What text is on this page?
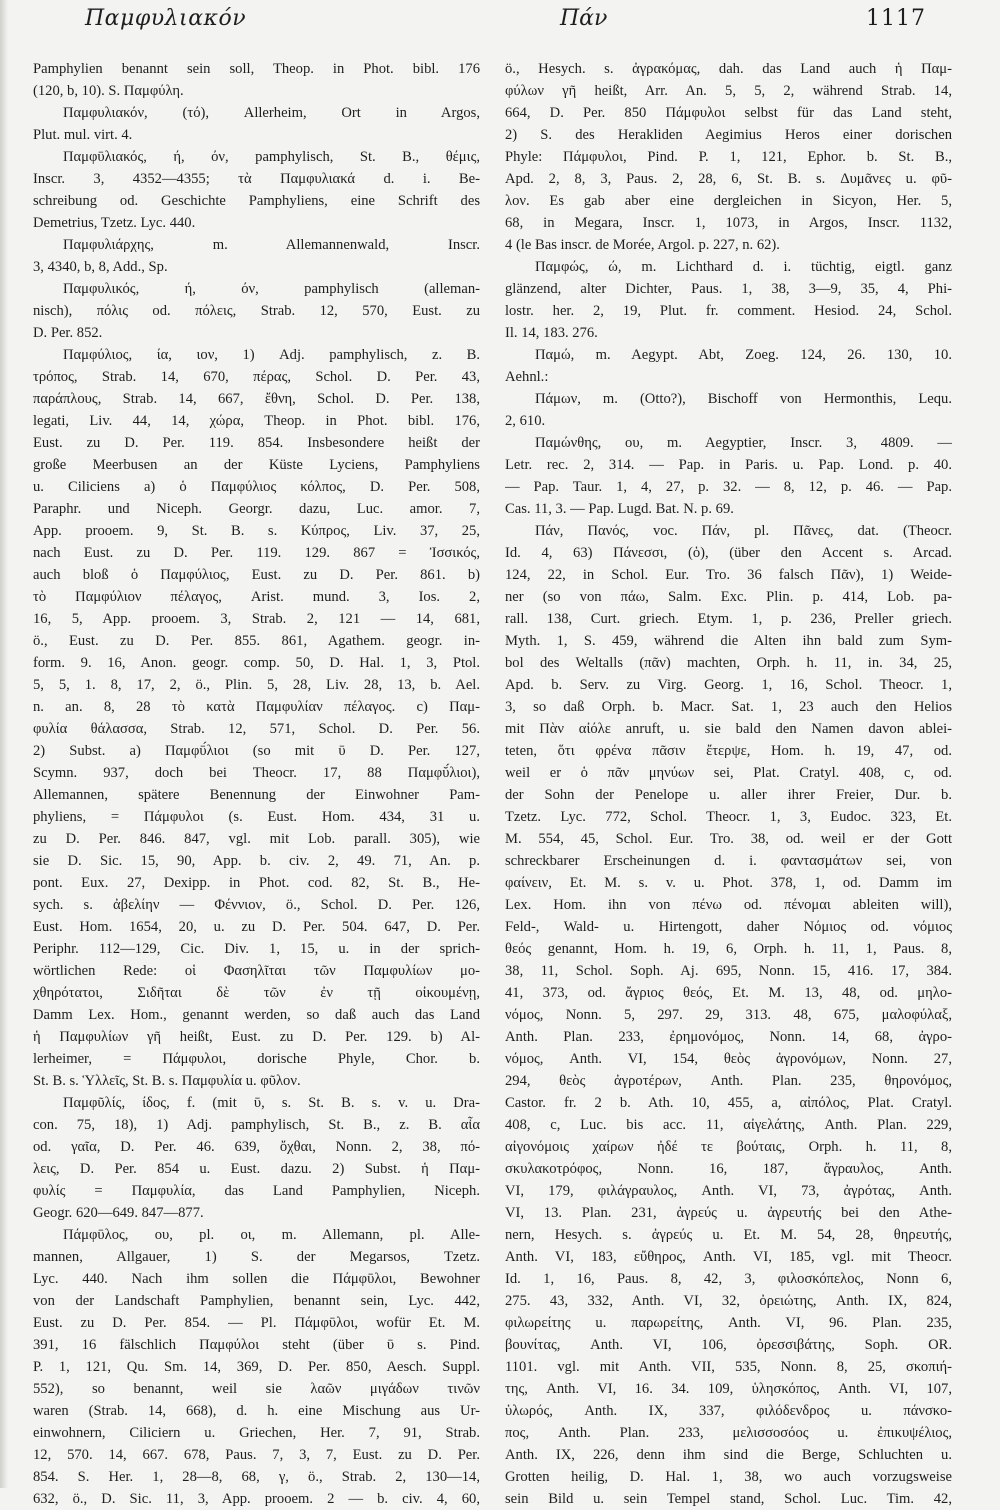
Παμφυλιακόν	Πάν	1117
Pamphylien benannt sein soll, Theop. in Phot. bibl. 176
(120, b, 10). S. Παμφύλη.
Παμφυλιακόν, (τό), Allerheim, Ort in Argos,
Plut. mul. virt. 4.
Παμφῡλιακός, ή, όν, pamphylisch, St. B., θέμις,
Inscr. 3, 4352—4355; τὰ Παμφυλιακά d. i. Be-
schreibung od. Geschichte Pamphyliens, eine Schrift des
Demetrius, Tzetz. Lyc. 440.
Παμφυλιάρχης, m. Allemannenwald, Inscr.
3, 4340, b, 8, Add., Sp.
Παμφυλικός, ή, όν, pamphylisch (alleman-
nisch), πόλις od. πόλεις, Strab. 12, 570, Eust. zu
D. Per. 852.
Παμφύλιος, ία, ιον, 1) Adj. pamphylisch, z. B.
τρόπος, Strab. 14, 670, πέρας, Schol. D. Per. 43,
παράπλους, Strab. 14, 667, ἔθνη, Schol. D. Per. 138,
legati, Liv. 44, 14, χώρα, Theop. in Phot. bibl. 176,
Eust. zu D. Per. 119. 854. Insbesondere heißt der
große Meerbusen an der Küste Lyciens, Pamphyliens
u. Ciliciens a) ὁ Παμφύλιος κόλπος, D. Per. 508,
Paraphr. und Niceph. Georgr. dazu, Luc. amor. 7,
App. prooem. 9, St. B. s. Κύπρος, Liv. 37, 25,
nach Eust. zu D. Per. 119. 129. 867 = Ἰσσικός,
auch bloß ὁ Παμφύλιος, Eust. zu D. Per. 861. b)
τὸ Παμφύλιον πέλαγος, Arist. mund. 3, Ios. 2,
16, 5, App. prooem. 3, Strab. 2, 121 — 14, 681,
ö., Eust. zu D. Per. 855. 861, Agathem. geogr. in-
form. 9. 16, Anon. geogr. comp. 50, D. Hal. 1, 3, Ptol.
5, 5, 1. 8, 17, 2, ö., Plin. 5, 28, Liv. 28, 13, b. Ael.
n. an. 8, 28 τὸ κατὰ Παμφυλίαν πέλαγος. c) Παμ-
φυλία θάλασσα, Strab. 12, 571, Schol. D. Per. 56.
2) Subst. a) Παμφῡ́λιοι (so mit ῡ D. Per. 127,
Scymn. 937, doch bei Theocr. 17, 88 Παμφῠ́λιοι),
Allemannen, spätere Benennung der Einwohner Pam-
phyliens, = Πάμφυλοι (s. Eust. Hom. 434, 31 u.
zu D. Per. 846. 847, vgl. mit Lob. parall. 305), wie
sie D. Sic. 15, 90, App. b. civ. 2, 49. 71, An. p.
pont. Eux. 27, Dexipp. in Phot. cod. 82, St. B., He-
sych. s. ἀβελίην — Φέννιον, ö., Schol. D. Per. 126,
Eust. Hom. 1654, 20, u. zu D. Per. 504. 647, D. Per.
Periphr. 112—129, Cic. Div. 1, 15, u. in der sprich-
wörtlichen Rede: οἱ Φασηλῖται τῶν Παμφυλίων μο-
χθηρότατοι, Σιδῆται δὲ τῶν ἐν τῇ οἰκουμένῃ,
Damm Lex. Hom., genannt werden, so daß auch das Land
ἡ Παμφυλίων γῆ heißt, Eust. zu D. Per. 129. b) Al-
lerheimer, = Πάμφυλοι, dorische Phyle, Chor. b.
St. B. s. Ὑλλεῖς, St. B. s. Παμφυλία u. φῦλον.
Παμφῦλίς, ίδος, f. (mit ῡ, s. St. B. s. v. u. Dra-
con. 75, 18), 1) Adj. pamphylisch, St. B., z. B. αἶα
od. γαῖα, D. Per. 46. 639, ὄχθαι, Nonn. 2, 38, πό-
λεις, D. Per. 854 u. Eust. dazu. 2) Subst. ἡ Παμ-
φυλίς = Παμφυλία, das Land Pamphylien, Niceph.
Geogr. 620—649. 847—877.
Πάμφῡλος, ου, pl. οι, m. Allemann, pl. Alle-
mannen, Allgauer, 1) S. der Megarsos, Tzetz.
Lyc. 440. Nach ihm sollen die Πάμφῡλοι, Bewohner
von der Landschaft Pamphylien, benannt sein, Lyc. 442,
Eust. zu D. Per. 854. — Pl. Πάμφῡλοι, wofür Et. M.
391, 16 fälschlich Παμφύλοι steht (über ῡ s. Pind.
P. 1, 121, Qu. Sm. 14, 369, D. Per. 850, Aesch. Suppl.
552), so benannt, weil sie λαῶν μιγάδων τινῶν
waren (Strab. 14, 668), d. h. eine Mischung aus Ur-
einwohnern, Ciliciern u. Griechen, Her. 7, 91, Strab.
12, 570. 14, 667. 678, Paus. 7, 3, 7, Eust. zu D. Per.
854. S. Her. 1, 28—8, 68, γ, ö., Strab. 2, 130—14,
632, ö., D. Sic. 11, 3, App. prooem. 2 — b. civ. 4, 60,
ö., Hesych. s. ἀγρακόμας, dah. das Land auch ἡ Παμ-
φύλων γῆ heißt, Arr. An. 5, 5, 2, während Strab. 14,
664, D. Per. 850 Πάμφυλοι selbst für das Land steht,
2) S. des Herakliden Aegimius Heros einer dorischen
Phyle: Πάμφυλοι, Pind. P. 1, 121, Ephor. b. St. B.,
Apd. 2, 8, 3, Paus. 2, 28, 6, St. B. s. Δυμᾶνες u. φῦ-
λον. Es gab aber eine dergleichen in Sicyon, Her. 5,
68, in Megara, Inscr. 1, 1073, in Argos, Inscr. 1132,
4 (le Bas inscr. de Morée, Argol. p. 227, n. 62).
Παμφώς, ώ, m. Lichthard d. i. tüchtig, eigtl. ganz
glänzend, alter Dichter, Paus. 1, 38, 3—9, 35, 4, Phi-
lostr. her. 2, 19, Plut. fr. comment. Hesiod. 24, Schol.
Il. 14, 183. 276.
Παμώ, m. Aegypt. Abt, Zoeg. 124, 26. 130, 10.
Aehnl.:
Πάμων, m. (Otto?), Bischoff von Hermonthis, Lequ.
2, 610.
Παμώνθης, ου, m. Aegyptier, Inscr. 3, 4809. —
Letr. rec. 2, 314. — Pap. in Paris. u. Pap. Lond. p. 40.
— Pap. Taur. 1, 4, 27, p. 32. — 8, 12, p. 46. — Pap.
Cas. 11, 3. — Pap. Lugd. Bat. N. p. 69.
Πάν, Πανός, voc. Πάν, pl. Πᾶνες, dat. (Theocr.
Id. 4, 63) Πάνεσσι, (ὁ), (über den Accent s. Arcad.
124, 22, in Schol. Eur. Tro. 36 falsch Πᾶν), 1) Weide-
ner (so von πάω, Salm. Exc. Plin. p. 414, Lob. pa-
rall. 138, Curt. griech. Etym. 1, p. 236, Preller griech.
Myth. 1, S. 459, während die Alten ihn bald zum Sym-
bol des Weltalls (πᾶν) machten, Orph. h. 11, in. 34, 25,
Apd. b. Serv. zu Virg. Georg. 1, 16, Schol. Theocr. 1,
3, so daß Orph. b. Macr. Sat. 1, 23 auch den Helios
mit Πὰν αἰόλε anruft, u. sie bald den Namen davon ablei-
teten, ὅτι φρένα πᾶσιν ἔτερψε, Hom. h. 19, 47, od.
weil er ὁ πᾶν μηνύων sei, Plat. Cratyl. 408, c, od.
der Sohn der Penelope u. aller ihrer Freier, Dur. b.
Tzetz. Lyc. 772, Schol. Theocr. 1, 3, Eudoc. 323, Et.
M. 554, 45, Schol. Eur. Tro. 38, od. weil er der Gott
schreckbarer Erscheinungen d. i. φαντασμάτων sei, von
φαίνειν, Et. M. s. v. u. Phot. 378, 1, od. Damm im
Lex. Hom. ihn von πένω od. πένομαι ableiten will),
Feld-, Wald- u. Hirtengott, daher Νόμιος od. νόμιος
θεός genannt, Hom. h. 19, 6, Orph. h. 11, 1, Paus. 8,
38, 11, Schol. Soph. Aj. 695, Nonn. 15, 416. 17, 384.
41, 373, od. ἄγριος θεός, Et. M. 13, 48, od. μηλο-
νόμος, Nonn. 5, 297. 29, 313. 48, 675, μαλοφύλαξ,
Anth. Plan. 233, ἐρημονόμος, Nonn. 14, 68, ἀγρο-
νόμος, Anth. VI, 154, θεὸς ἀγρονόμων, Nonn. 27,
294, θεὸς ἀγροτέρων, Anth. Plan. 235, θηρονόμος,
Castor. fr. 2 b. Ath. 10, 455, a, αἰπόλος, Plat. Cratyl.
408, c, Luc. bis acc. 11, αἰγελάτης, Anth. Plan. 229,
αἰγονόμοις χαίρων ἠδέ τε βούταις, Orph. h. 11, 8,
σκυλακοτρόφος, Nonn. 16, 187, ἄγραυλος, Anth.
VI, 179, φιλάγραυλος, Anth. VI, 73, ἀγρότας, Anth.
VI, 13. Plan. 231, ἀγρεύς u. ἀγρευτής bei den Athe-
nern, Hesych. s. ἀγρεύς u. Et. M. 54, 28, θηρευτής,
Anth. VI, 183, εὔθηρος, Anth. VI, 185, vgl. mit Theocr.
Id. 1, 16, Paus. 8, 42, 3, φιλοσκόπελος, Nonn 6,
275. 43, 332, Anth. VI, 32, ὀρειώτης, Anth. IX, 824,
φιλωρείτης u. παρωρείτης, Anth. VI, 96. Plan. 235,
βουνίτας, Anth. VI, 106, ὀρεσσιβάτης, Soph. OR.
1101. vgl. mit Anth. VII, 535, Nonn. 8, 25, σκοπιή-
της, Anth. VI, 16. 34. 109, ὑλησκόπος, Anth. VI, 107,
ὑλωρός, Anth. IX, 337, φιλόδενδρος u. πάνσκο-
πος, Anth. Plan. 233, μελισσοσόος u. ἐπικυψέλιος,
Anth. IX, 226, denn ihm sind die Berge, Schluchten u.
Grotten heilig, D. Hal. 1, 38, wo auch vorzugsweise
sein Bild u. sein Tempel stand, Schol. Luc. Tim. 42,
